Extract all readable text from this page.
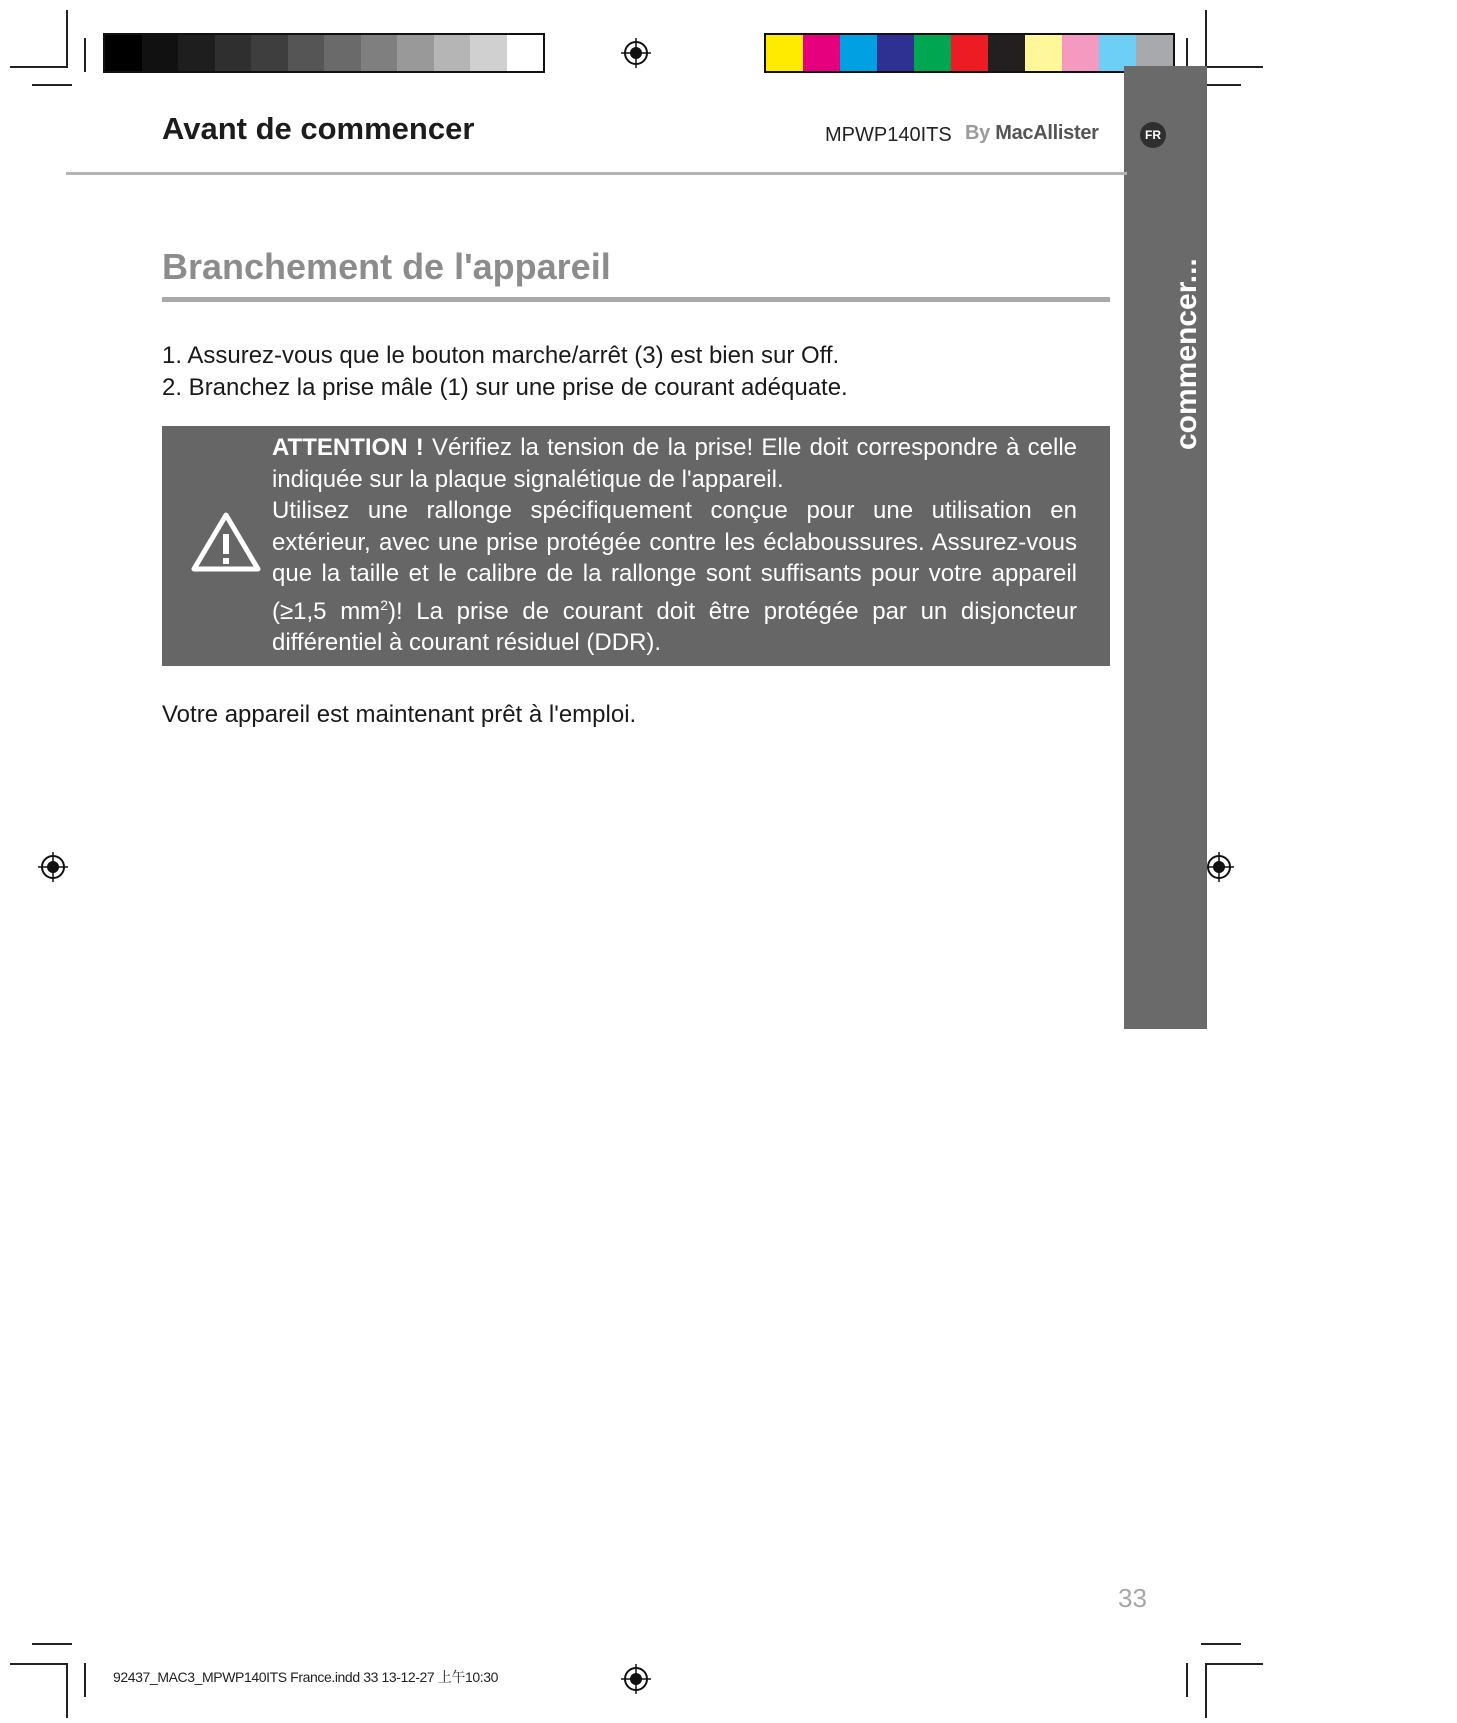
FR
Pour
commencer...
Avant de commencer	MPWP140ITS By MacAllister
Branchement de l'appareil
1. Assurez-vous que le bouton marche/arrêt (3) est bien sur Off.
2. Branchez la prise mâle (1) sur une prise de courant adéquate.

ATTENTION ! Vérifiez la tension de la prise! Elle doit correspondre à celle indiquée sur la plaque signalétique de l'appareil.

Utilisez une rallonge spécifiquement conçue pour une utilisation en extérieur, avec une prise protégée contre les éclaboussures. Assurez-vous que la taille et le calibre de la rallonge sont suffisants pour votre appareil (≥1,5 $mm^2$)! La prise de courant doit être protégée par un disjoncteur différentiel à courant résiduel (DDR).

Votre appareil est maintenant prêt à l'emploi.
33
92437_MAC3_MPWP140ITS France.indd 33 13-12-27 上午10:30
